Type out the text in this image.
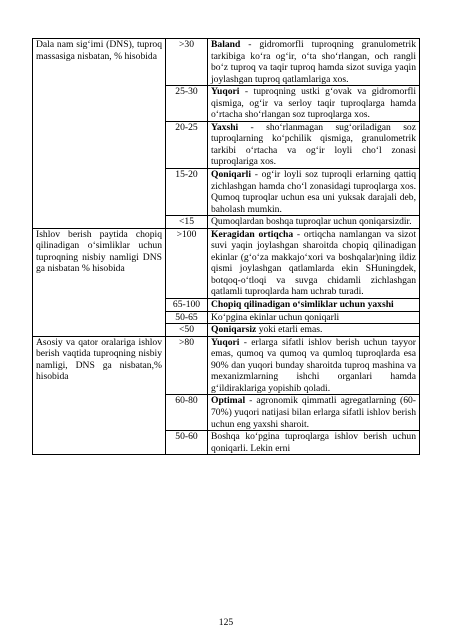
Dala nam sig‘imi (DNS), tuproq massasiga nisbatan, % hisobida	>30	Baland - gidromorfli tuproqning granulometrik tarkibiga ko‘ra og‘ir, o‘ta sho‘rlangan, och rangli bo‘z tuproq va taqir tuproq hamda sizot suviga yaqin joylashgan tuproq qatlamlariga xos.
	25-30	Yuqori - tuproqning ustki g‘ovak va gidromorfli qismiga, og‘ir va serloy taqir tuproqlarga hamda o‘rtacha sho‘rlangan soz tuproqlarga xos.
	20-25	Yaxshi - sho‘rlanmagan sug‘oriladigan soz tuproqlarning ko‘pchilik qismiga, granulometrik tarkibi o‘rtacha va og‘ir loyli cho‘l zonasi tuproqlariga xos.
	15-20	Qoniqarli - og‘ir loyli soz tuproqli erlarning qattiq zichlashgan hamda cho‘l zonasidagi tuproqlarga xos. Qumoq tuproqlar uchun esa uni yuksak darajali deb, baholash mumkin.
	<15	Qumoqlardan boshqa tuproqlar uchun qoniqarsizdir.
Ishlov berish paytida chopiq qilinadigan o‘simliklar uchun tuproqning nisbiy namligi DNS ga nisbatan % hisobida	>100	Keragidan ortiqcha - ortiqcha namlangan va sizot suvi yaqin joylashgan sharoitda chopiq qilinadigan ekinlar (g‘o‘za makkajo‘xori va boshqalar)ning ildiz qismi joylashgan qatlamlarda ekin SHuningdek, botqoq-o‘tloqi va suvga chidamli zichlashgan qatlamli tuproqlarda ham uchrab turadi.
	65-100	Chopiq qilinadigan o‘simliklar uchun yaxshi
	50-65	Ko‘pgina ekinlar uchun qoniqarli
	<50	Qoniqarsiz yoki etarli emas.
Asosiy va qator oralariga ishlov berish vaqtida tuproqning nisbiy namligi, DNS ga nisbatan,% hisobida	>80	Yuqori - erlarga sifatli ishlov berish uchun tayyor emas, qumoq va qumoq va qumloq tuproqlarda esa 90% dan yuqori bunday sharoitda tuproq mashina va mexanizmlarning ishchi organlari hamda g‘ildiraklariga yopishib qoladi.
	60-80	Optimal - agronomik qimmatli agregatlarning (60-70%) yuqori natijasi bilan erlarga sifatli ishlov berish uchun eng yaxshi sharoit.
	50-60	Boshqa ko‘pgina tuproqlarga ishlov berish uchun qoniqarli. Lekin erni
125
